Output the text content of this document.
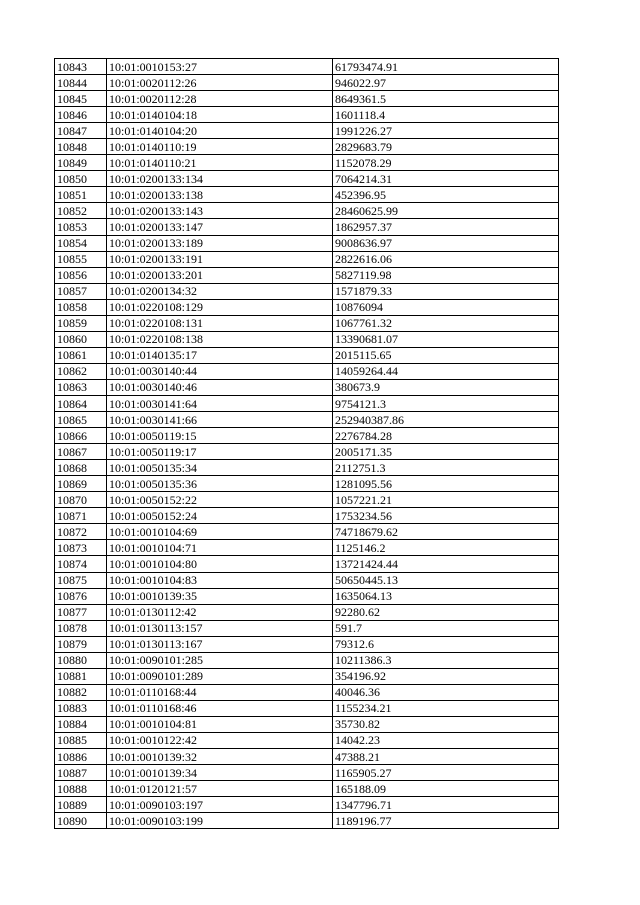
10843	10:01:0010153:27	61793474.91
10844	10:01:0020112:26	946022.97
10845	10:01:0020112:28	8649361.5
10846	10:01:0140104:18	1601118.4
10847	10:01:0140104:20	1991226.27
10848	10:01:0140110:19	2829683.79
10849	10:01:0140110:21	1152078.29
10850	10:01:0200133:134	7064214.31
10851	10:01:0200133:138	452396.95
10852	10:01:0200133:143	28460625.99
10853	10:01:0200133:147	1862957.37
10854	10:01:0200133:189	9008636.97
10855	10:01:0200133:191	2822616.06
10856	10:01:0200133:201	5827119.98
10857	10:01:0200134:32	1571879.33
10858	10:01:0220108:129	10876094
10859	10:01:0220108:131	1067761.32
10860	10:01:0220108:138	13390681.07
10861	10:01:0140135:17	2015115.65
10862	10:01:0030140:44	14059264.44
10863	10:01:0030140:46	380673.9
10864	10:01:0030141:64	9754121.3
10865	10:01:0030141:66	252940387.86
10866	10:01:0050119:15	2276784.28
10867	10:01:0050119:17	2005171.35
10868	10:01:0050135:34	2112751.3
10869	10:01:0050135:36	1281095.56
10870	10:01:0050152:22	1057221.21
10871	10:01:0050152:24	1753234.56
10872	10:01:0010104:69	74718679.62
10873	10:01:0010104:71	1125146.2
10874	10:01:0010104:80	13721424.44
10875	10:01:0010104:83	50650445.13
10876	10:01:0010139:35	1635064.13
10877	10:01:0130112:42	92280.62
10878	10:01:0130113:157	591.7
10879	10:01:0130113:167	79312.6
10880	10:01:0090101:285	10211386.3
10881	10:01:0090101:289	354196.92
10882	10:01:0110168:44	40046.36
10883	10:01:0110168:46	1155234.21
10884	10:01:0010104:81	35730.82
10885	10:01:0010122:42	14042.23
10886	10:01:0010139:32	47388.21
10887	10:01:0010139:34	1165905.27
10888	10:01:0120121:57	165188.09
10889	10:01:0090103:197	1347796.71
10890	10:01:0090103:199	1189196.77
